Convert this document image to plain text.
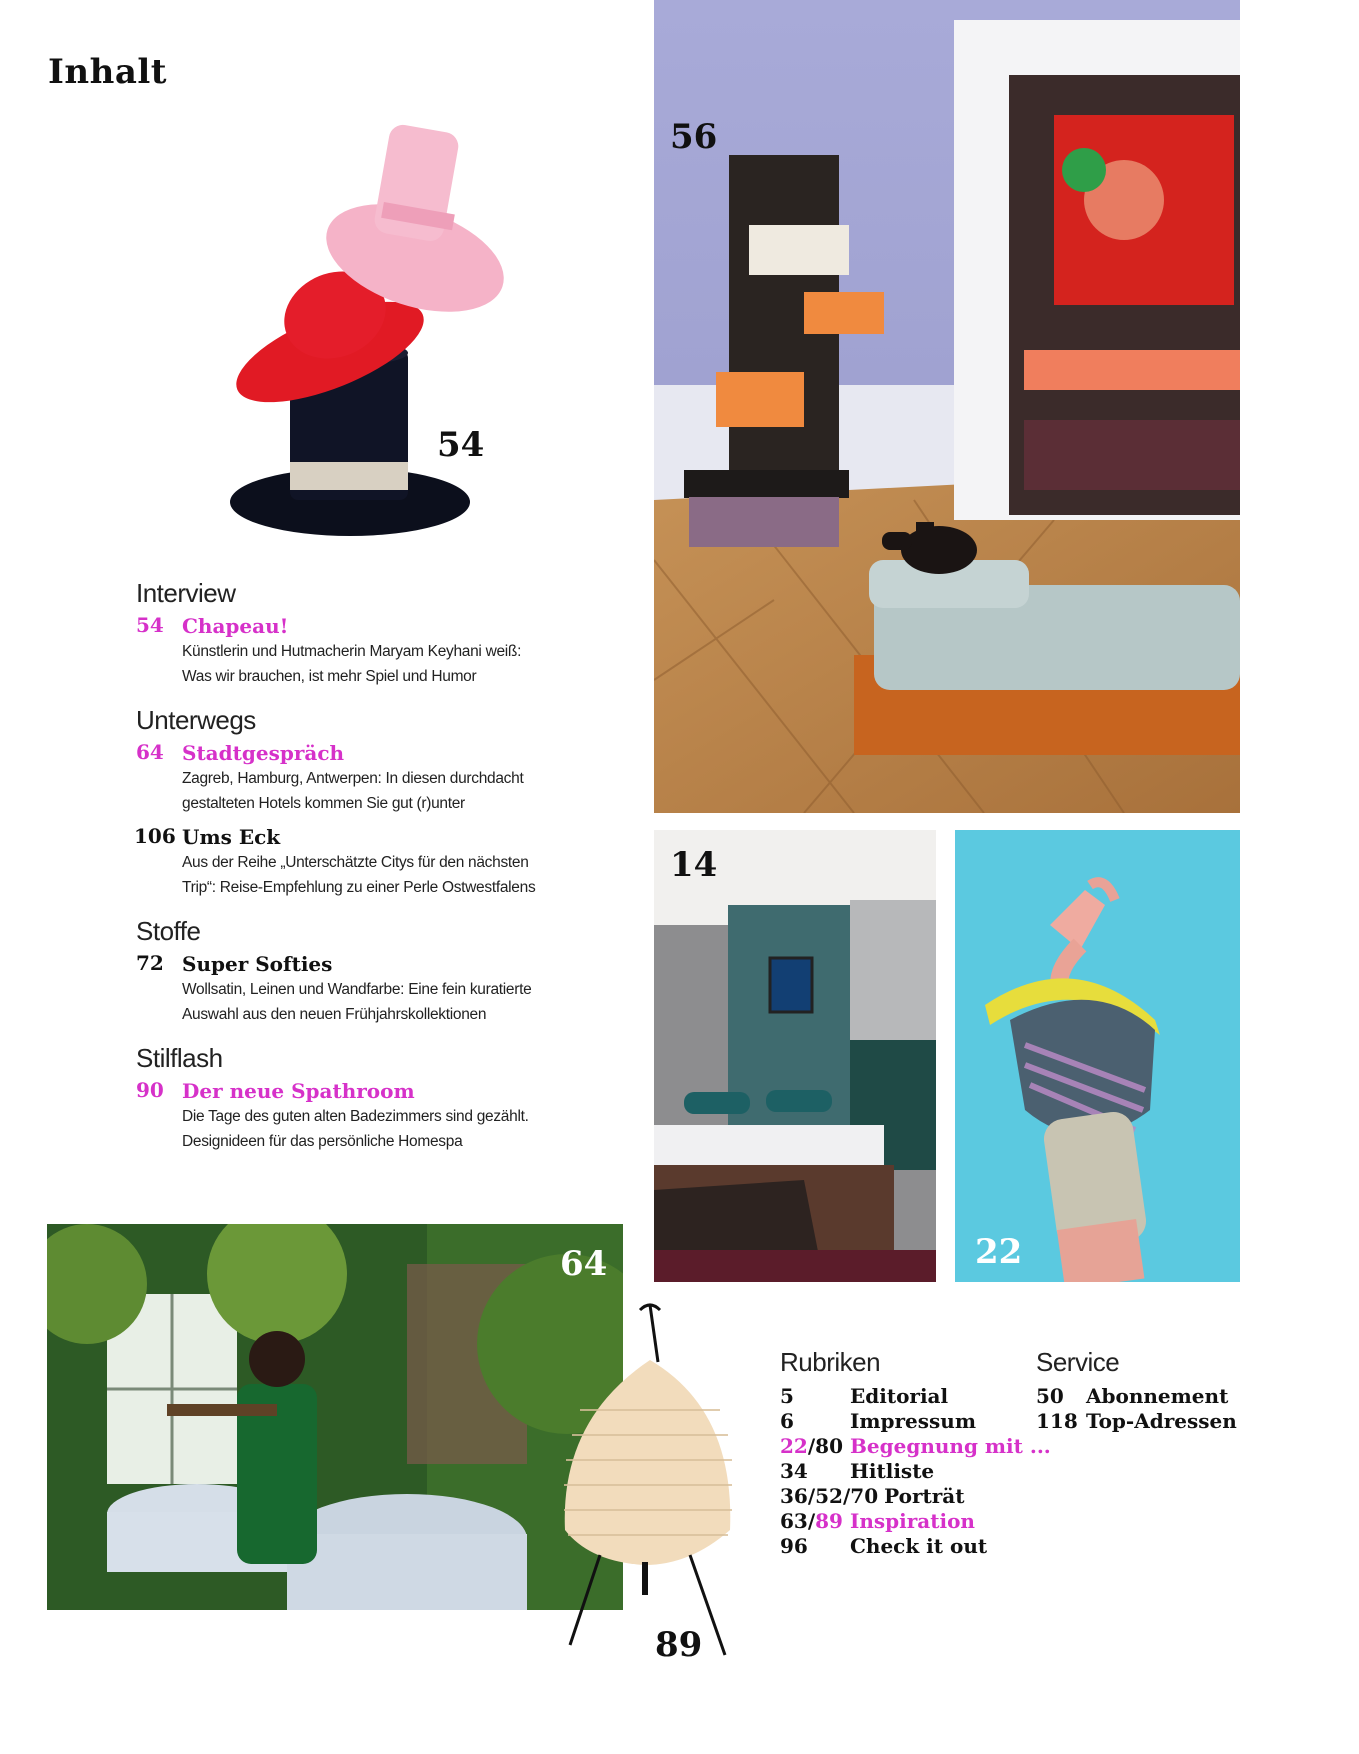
Inhalt
54
56
14
22
Interview
54 Chapeau!
Künstlerin und Hutmacherin Maryam Keyhani weiß:
Was wir brauchen, ist mehr Spiel und Humor
Unterwegs
64 Stadtgespräch
Zagreb, Hamburg, Antwerpen: In diesen durchdacht
gestalteten Hotels kommen Sie gut (r)unter
106 Ums Eck
Aus der Reihe „Unterschätzte Citys für den nächsten
Trip“: Reise-Empfehlung zu einer Perle Ostwestfalens
Stoffe
72 Super Softies
Wollsatin, Leinen und Wandfarbe: Eine fein kuratierte
Auswahl aus den neuen Frühjahrskollektionen
Stilflash
90 Der neue Spathroom
Die Tage des guten alten Badezimmers sind gezählt.
Designideen für das persönliche Homespa
64
89
Rubriken
5	Editorial
6	Impressum
22/80 Begegnung mit ...
34	Hitliste
36/52/70 Porträt
63/89 Inspiration
96	Check it out
Service
50	Abonnement
118 Top-Adressen
